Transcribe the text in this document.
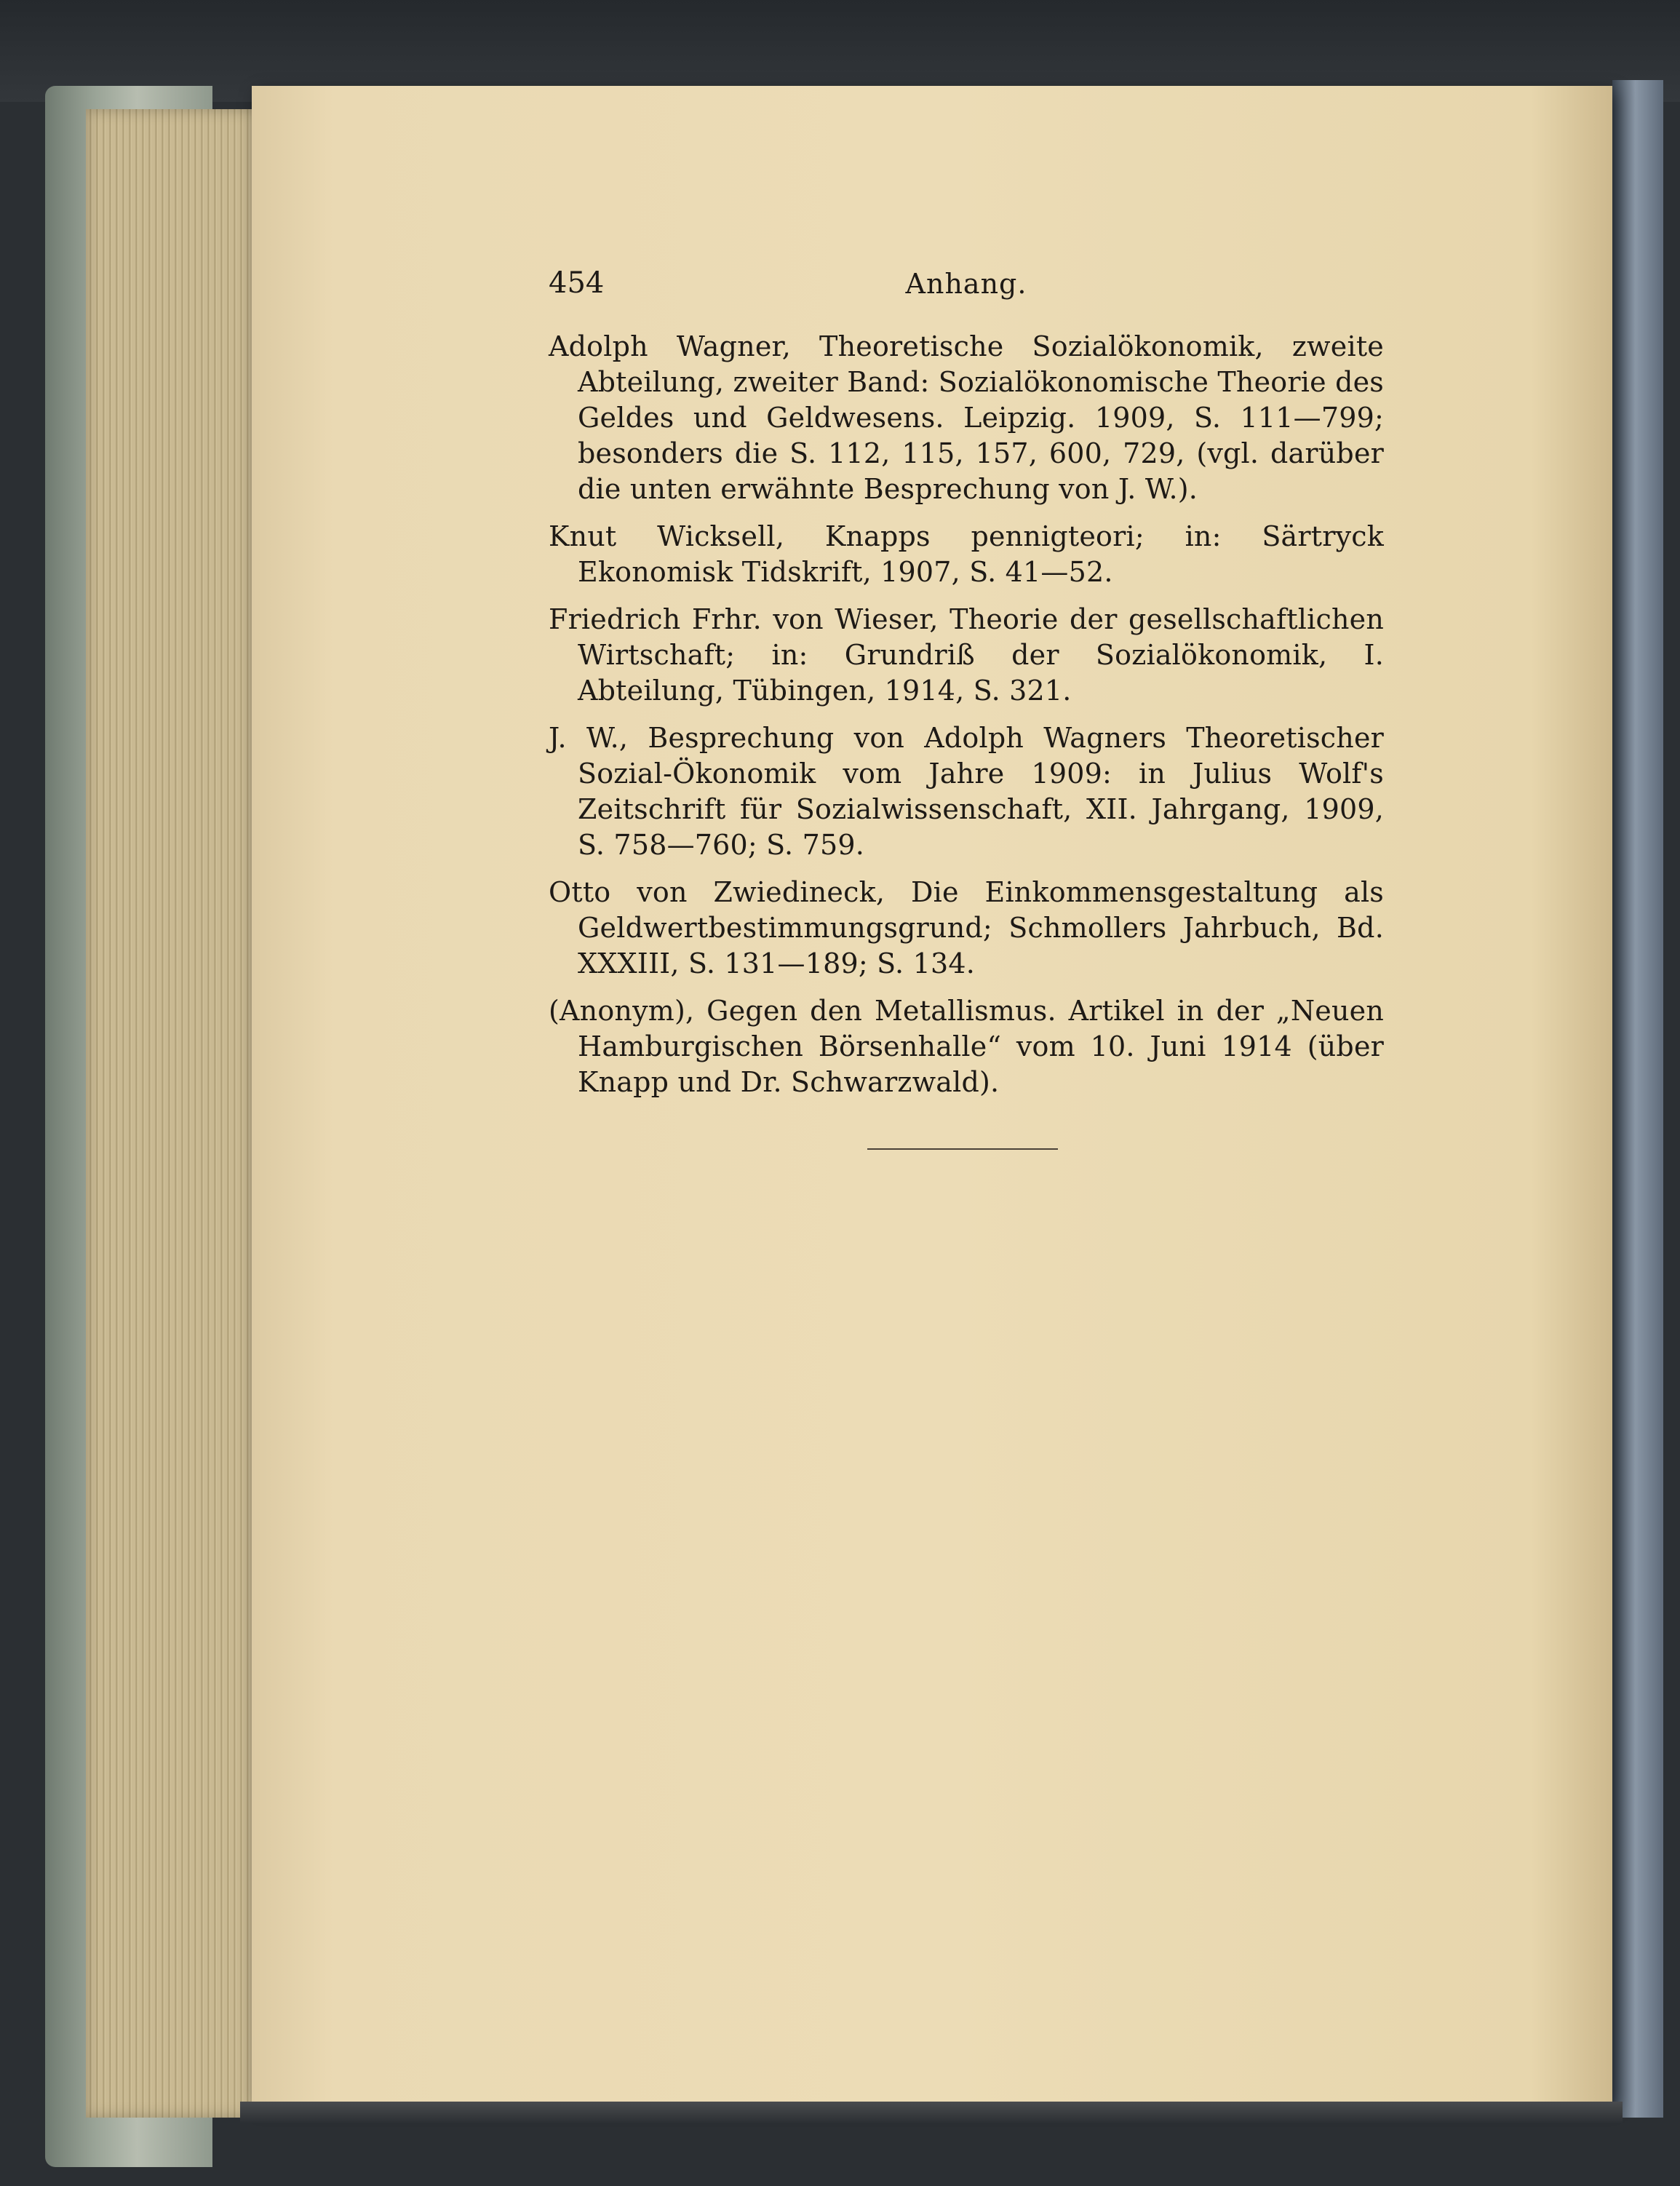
454	Anhang.

Adolph Wagner, Theoretische Sozialökonomik, zweite Abteilung, zweiter Band: Sozialökonomische Theorie des Geldes und Geldwesens. Leipzig. 1909, S. 111—799; besonders die S. 112, 115, 157, 600, 729, (vgl. darüber die unten erwähnte Besprechung von J. W.).

Knut Wicksell, Knapps pennigteori; in: Särtryck Ekonomisk Tidskrift, 1907, S. 41—52.

Friedrich Frhr. von Wieser, Theorie der gesellschaftlichen Wirtschaft; in: Grundriß der Sozialökonomik, I. Abteilung, Tübingen, 1914, S. 321.

J. W., Besprechung von Adolph Wagners Theoretischer Sozial-Ökonomik vom Jahre 1909: in Julius Wolf's Zeitschrift für Sozialwissenschaft, XII. Jahrgang, 1909, S. 758—760; S. 759.

Otto von Zwiedineck, Die Einkommensgestaltung als Geldwertbestimmungsgrund; Schmollers Jahrbuch, Bd. XXXIII, S. 131—189; S. 134.

(Anonym), Gegen den Metallismus. Artikel in der „Neuen Hamburgischen Börsenhalle“ vom 10. Juni 1914 (über Knapp und Dr. Schwarzwald).
